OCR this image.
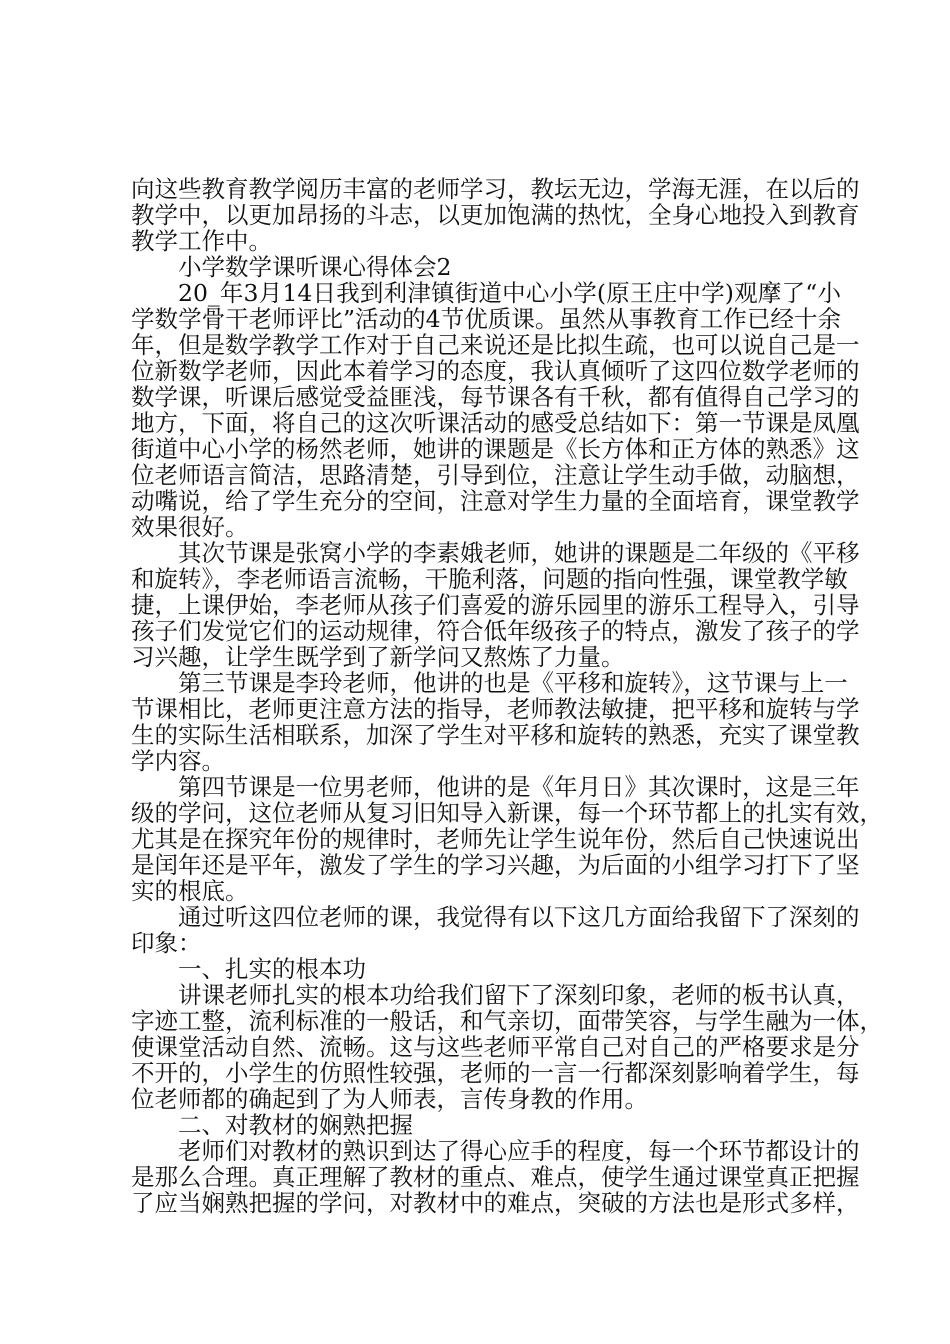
向这些教育教学阅历丰富的老师学习，教坛无边，学海无涯，在以后的
教学中，以更加昂扬的斗志，以更加饱满的热忱，全身心地投入到教育
教学工作中。
小学数学课听课心得体会2
20_年3月14日我到利津镇街道中心小学(原王庄中学)观摩了“小
学数学骨干老师评比”活动的4节优质课。虽然从事教育工作已经十余
年，但是数学教学工作对于自己来说还是比拟生疏，也可以说自己是一
位新数学老师，因此本着学习的态度，我认真倾听了这四位数学老师的
数学课，听课后感觉受益匪浅，每节课各有千秋，都有值得自己学习的
地方，下面，将自己的这次听课活动的感受总结如下：第一节课是凤凰
街道中心小学的杨然老师，她讲的课题是《长方体和正方体的熟悉》这
位老师语言简洁，思路清楚，引导到位，注意让学生动手做，动脑想，
动嘴说，给了学生充分的空间，注意对学生力量的全面培育，课堂教学
效果很好。
其次节课是张窝小学的李素娥老师，她讲的课题是二年级的《平移
和旋转》，李老师语言流畅，干脆利落，问题的指向性强，课堂教学敏
捷，上课伊始，李老师从孩子们喜爱的游乐园里的游乐工程导入，引导
孩子们发觉它们的运动规律，符合低年级孩子的特点，激发了孩子的学
习兴趣，让学生既学到了新学问又熬炼了力量。
第三节课是李玲老师，他讲的也是《平移和旋转》，这节课与上一
节课相比，老师更注意方法的指导，老师教法敏捷，把平移和旋转与学
生的实际生活相联系，加深了学生对平移和旋转的熟悉，充实了课堂教
学内容。
第四节课是一位男老师，他讲的是《年月日》其次课时，这是三年
级的学问，这位老师从复习旧知导入新课，每一个环节都上的扎实有效，
尤其是在探究年份的规律时，老师先让学生说年份，然后自己快速说出
是闰年还是平年，激发了学生的学习兴趣，为后面的小组学习打下了坚
实的根底。
通过听这四位老师的课，我觉得有以下这几方面给我留下了深刻的
印象：
一、扎实的根本功
讲课老师扎实的根本功给我们留下了深刻印象，老师的板书认真，
字迹工整，流利标准的一般话，和气亲切，面带笑容，与学生融为一体，
使课堂活动自然、流畅。这与这些老师平常自己对自己的严格要求是分
不开的，小学生的仿照性较强，老师的一言一行都深刻影响着学生，每
位老师都的确起到了为人师表，言传身教的作用。
二、对教材的娴熟把握
老师们对教材的熟识到达了得心应手的程度，每一个环节都设计的
是那么合理。真正理解了教材的重点、难点，使学生通过课堂真正把握
了应当娴熟把握的学问，对教材中的难点，突破的方法也是形式多样，
